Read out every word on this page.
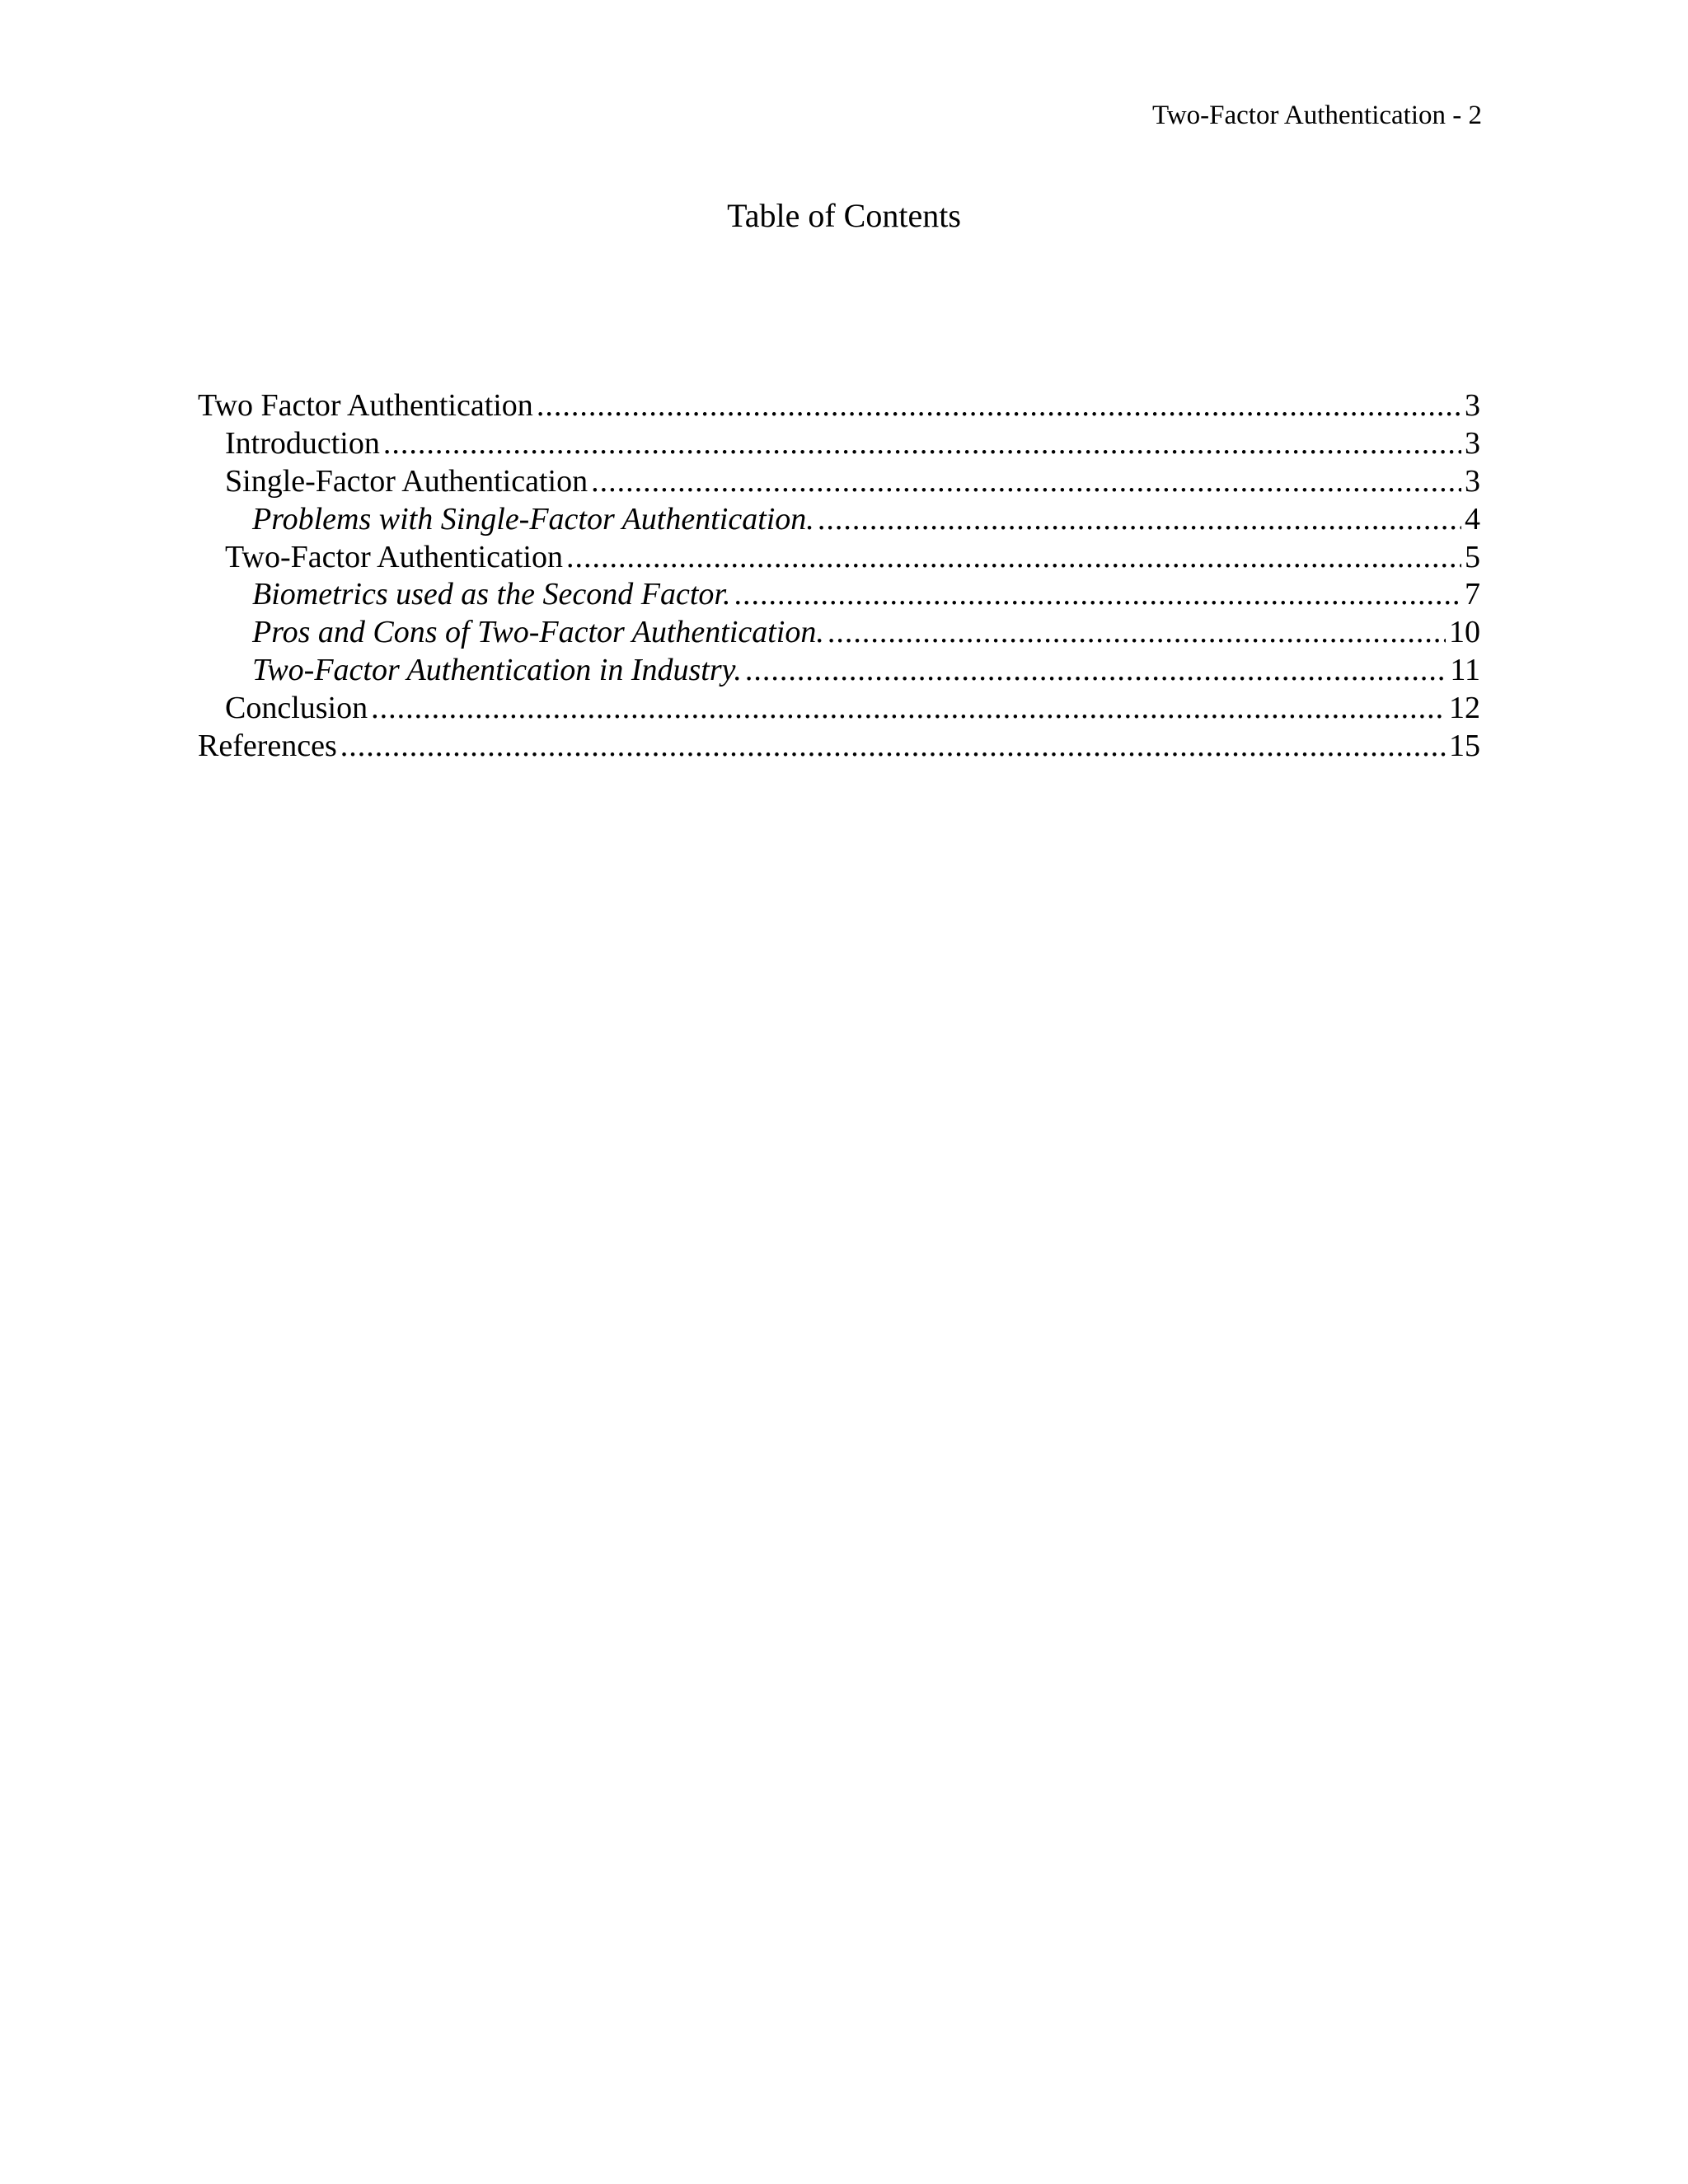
Two-Factor Authentication - 2
Table of Contents
Two Factor Authentication .....	3
Introduction .....	3
Single-Factor Authentication .....	3
Problems with Single-Factor Authentication. .....	4
Two-Factor Authentication .....	5
Biometrics used as the Second Factor. .....	7
Pros and Cons of Two-Factor Authentication. .....	10
Two-Factor Authentication in Industry. .....	11
Conclusion .....	12
References .....	15
